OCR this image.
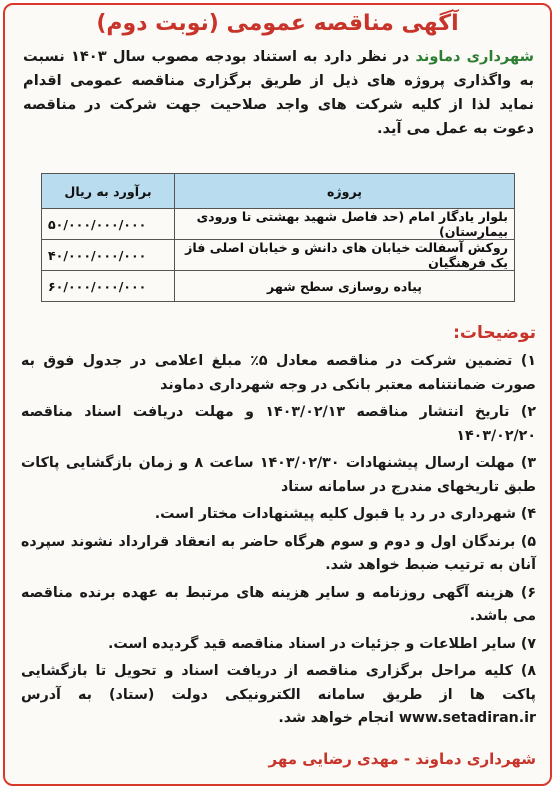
آگهی مناقصه عمومی (نوبت دوم)
شهرداری دماوند در نظر دارد به استناد بودجه مصوب سال ۱۴۰۳ نسبت به واگذاری پروژه های ذیل از طریق برگزاری مناقصه عمومی اقدام نماید لذا از کلیه شرکت های واجد صلاحیت جهت شرکت در مناقصه دعوت به عمل می آید.
پروژه	برآورد به ریال
بلوار یادگار امام (حد فاصل شهید بهشتی تا ورودی بیمارستان)	۵۰/۰۰۰/۰۰۰/۰۰۰
روکش آسفالت خیابان های دانش و خیابان اصلی فاز یک فرهنگیان	۴۰/۰۰۰/۰۰۰/۰۰۰
پیاده روسازی سطح شهر	۶۰/۰۰۰/۰۰۰/۰۰۰
توضیحات:

۱) تضمین شرکت در مناقصه معادل ۵٪ مبلغ اعلامی در جدول فوق به صورت ضمانتنامه معتبر بانکی در وجه شهرداری دماوند

۲) تاریخ انتشار مناقصه ۱۴۰۳/۰۲/۱۳ و مهلت دریافت اسناد مناقصه ۱۴۰۳/۰۲/۲۰

۳) مهلت ارسال پیشنهادات ۱۴۰۳/۰۲/۳۰ ساعت ۸ و زمان بازگشایی پاکات طبق تاریخهای مندرج در سامانه ستاد

۴) شهرداری در رد یا قبول کلیه پیشنهادات مختار است.

۵) برندگان اول و دوم و سوم هرگاه حاضر به انعقاد قرارداد نشوند سپرده آنان به ترتیب ضبط خواهد شد.

۶) هزینه آگهی روزنامه و سایر هزینه های مرتبط به عهده برنده مناقصه می باشد.

۷) سایر اطلاعات و جزئیات در اسناد مناقصه قید گردیده است.

۸) کلیه مراحل برگزاری مناقصه از دریافت اسناد و تحویل تا بازگشایی پاکت ها از طریق سامانه الکترونیکی دولت (ستاد) به آدرس www.setadiran.ir انجام خواهد شد.

شهرداری دماوند - مهدی رضایی مهر
